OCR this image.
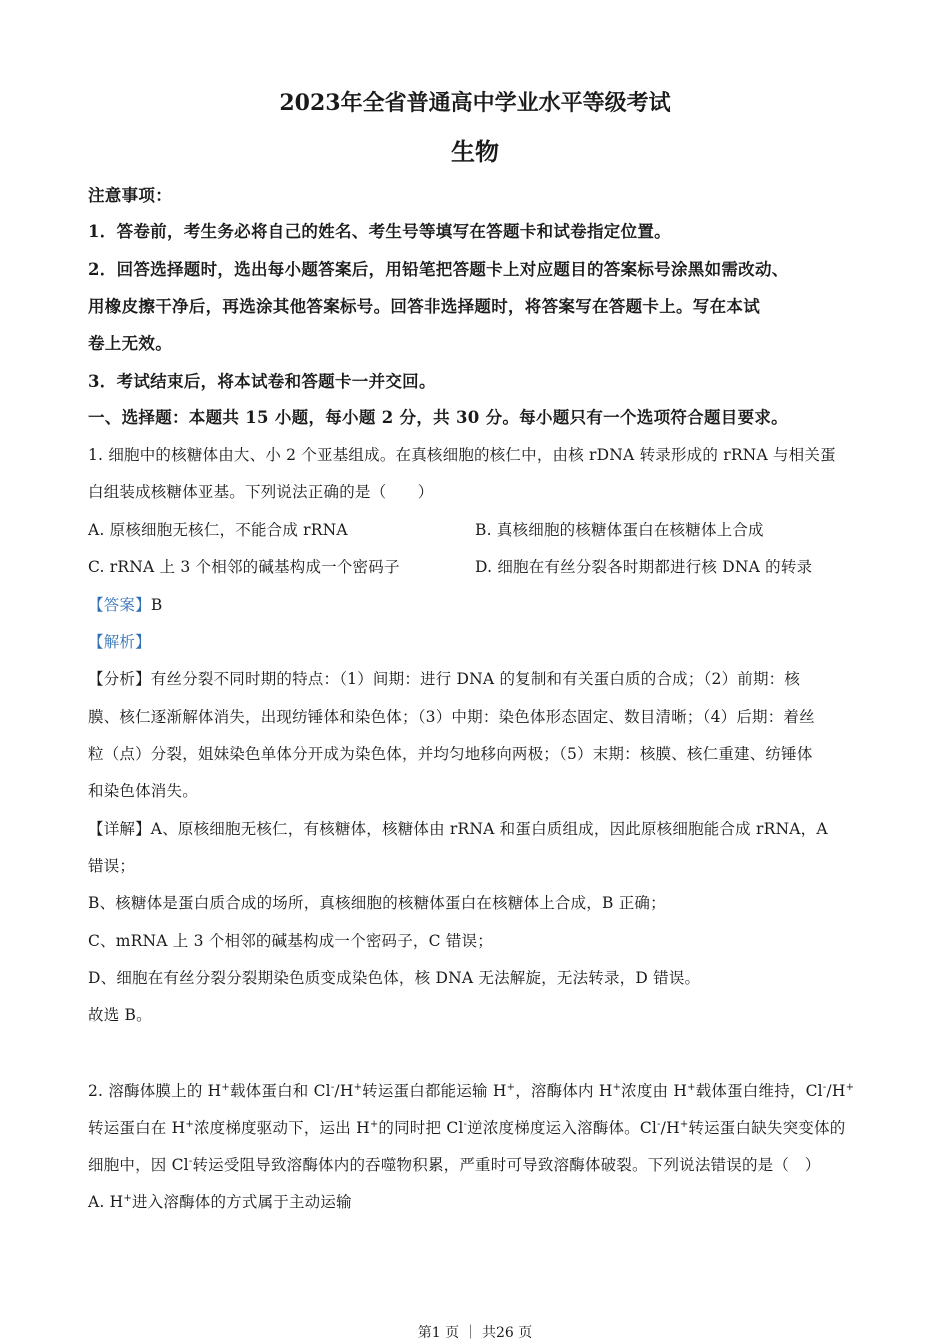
2023年全省普通高中学业水平等级考试
生物
注意事项：
1．答卷前，考生务必将自己的姓名、考生号等填写在答题卡和试卷指定位置。
2．回答选择题时，选出每小题答案后，用铅笔把答题卡上对应题目的答案标号涂黑如需改动、
用橡皮擦干净后，再选涂其他答案标号。回答非选择题时，将答案写在答题卡上。写在本试
卷上无效。
3．考试结束后，将本试卷和答题卡一并交回。
一、选择题：本题共 15 小题，每小题 2 分，共 30 分。每小题只有一个选项符合题目要求。
1. 细胞中的核糖体由大、小 2 个亚基组成。在真核细胞的核仁中，由核 rDNA 转录形成的 rRNA 与相关蛋
白组装成核糖体亚基。下列说法正确的是（　　）
A. 原核细胞无核仁，不能合成 rRNA	B. 真核细胞的核糖体蛋白在核糖体上合成
C. rRNA 上 3 个相邻的碱基构成一个密码子	D. 细胞在有丝分裂各时期都进行核 DNA 的转录
【答案】B
【解析】
【分析】有丝分裂不同时期的特点：（1）间期：进行 DNA 的复制和有关蛋白质的合成；（2）前期：核
膜、核仁逐渐解体消失，出现纺锤体和染色体；（3）中期：染色体形态固定、数目清晰；（4）后期：着丝
粒（点）分裂，姐妹染色单体分开成为染色体，并均匀地移向两极；（5）末期：核膜、核仁重建、纺锤体
和染色体消失。
【详解】A、原核细胞无核仁，有核糖体，核糖体由 rRNA 和蛋白质组成，因此原核细胞能合成 rRNA，A
错误；
B、核糖体是蛋白质合成的场所，真核细胞的核糖体蛋白在核糖体上合成，B 正确；
C、mRNA 上 3 个相邻的碱基构成一个密码子，C 错误；
D、细胞在有丝分裂分裂期染色质变成染色体，核 DNA 无法解旋，无法转录，D 错误。
故选 B。
2. 溶酶体膜上的 H+载体蛋白和 Cl-/H+转运蛋白都能运输 H+，溶酶体内 H+浓度由 H+载体蛋白维持，Cl-/H+
转运蛋白在 H+浓度梯度驱动下，运出 H+的同时把 Cl-逆浓度梯度运入溶酶体。Cl-/H+转运蛋白缺失突变体的
细胞中，因 Cl-转运受阻导致溶酶体内的吞噬物积累，严重时可导致溶酶体破裂。下列说法错误的是（　）
A. H+进入溶酶体的方式属于主动运输
第1 页 ｜ 共26 页
